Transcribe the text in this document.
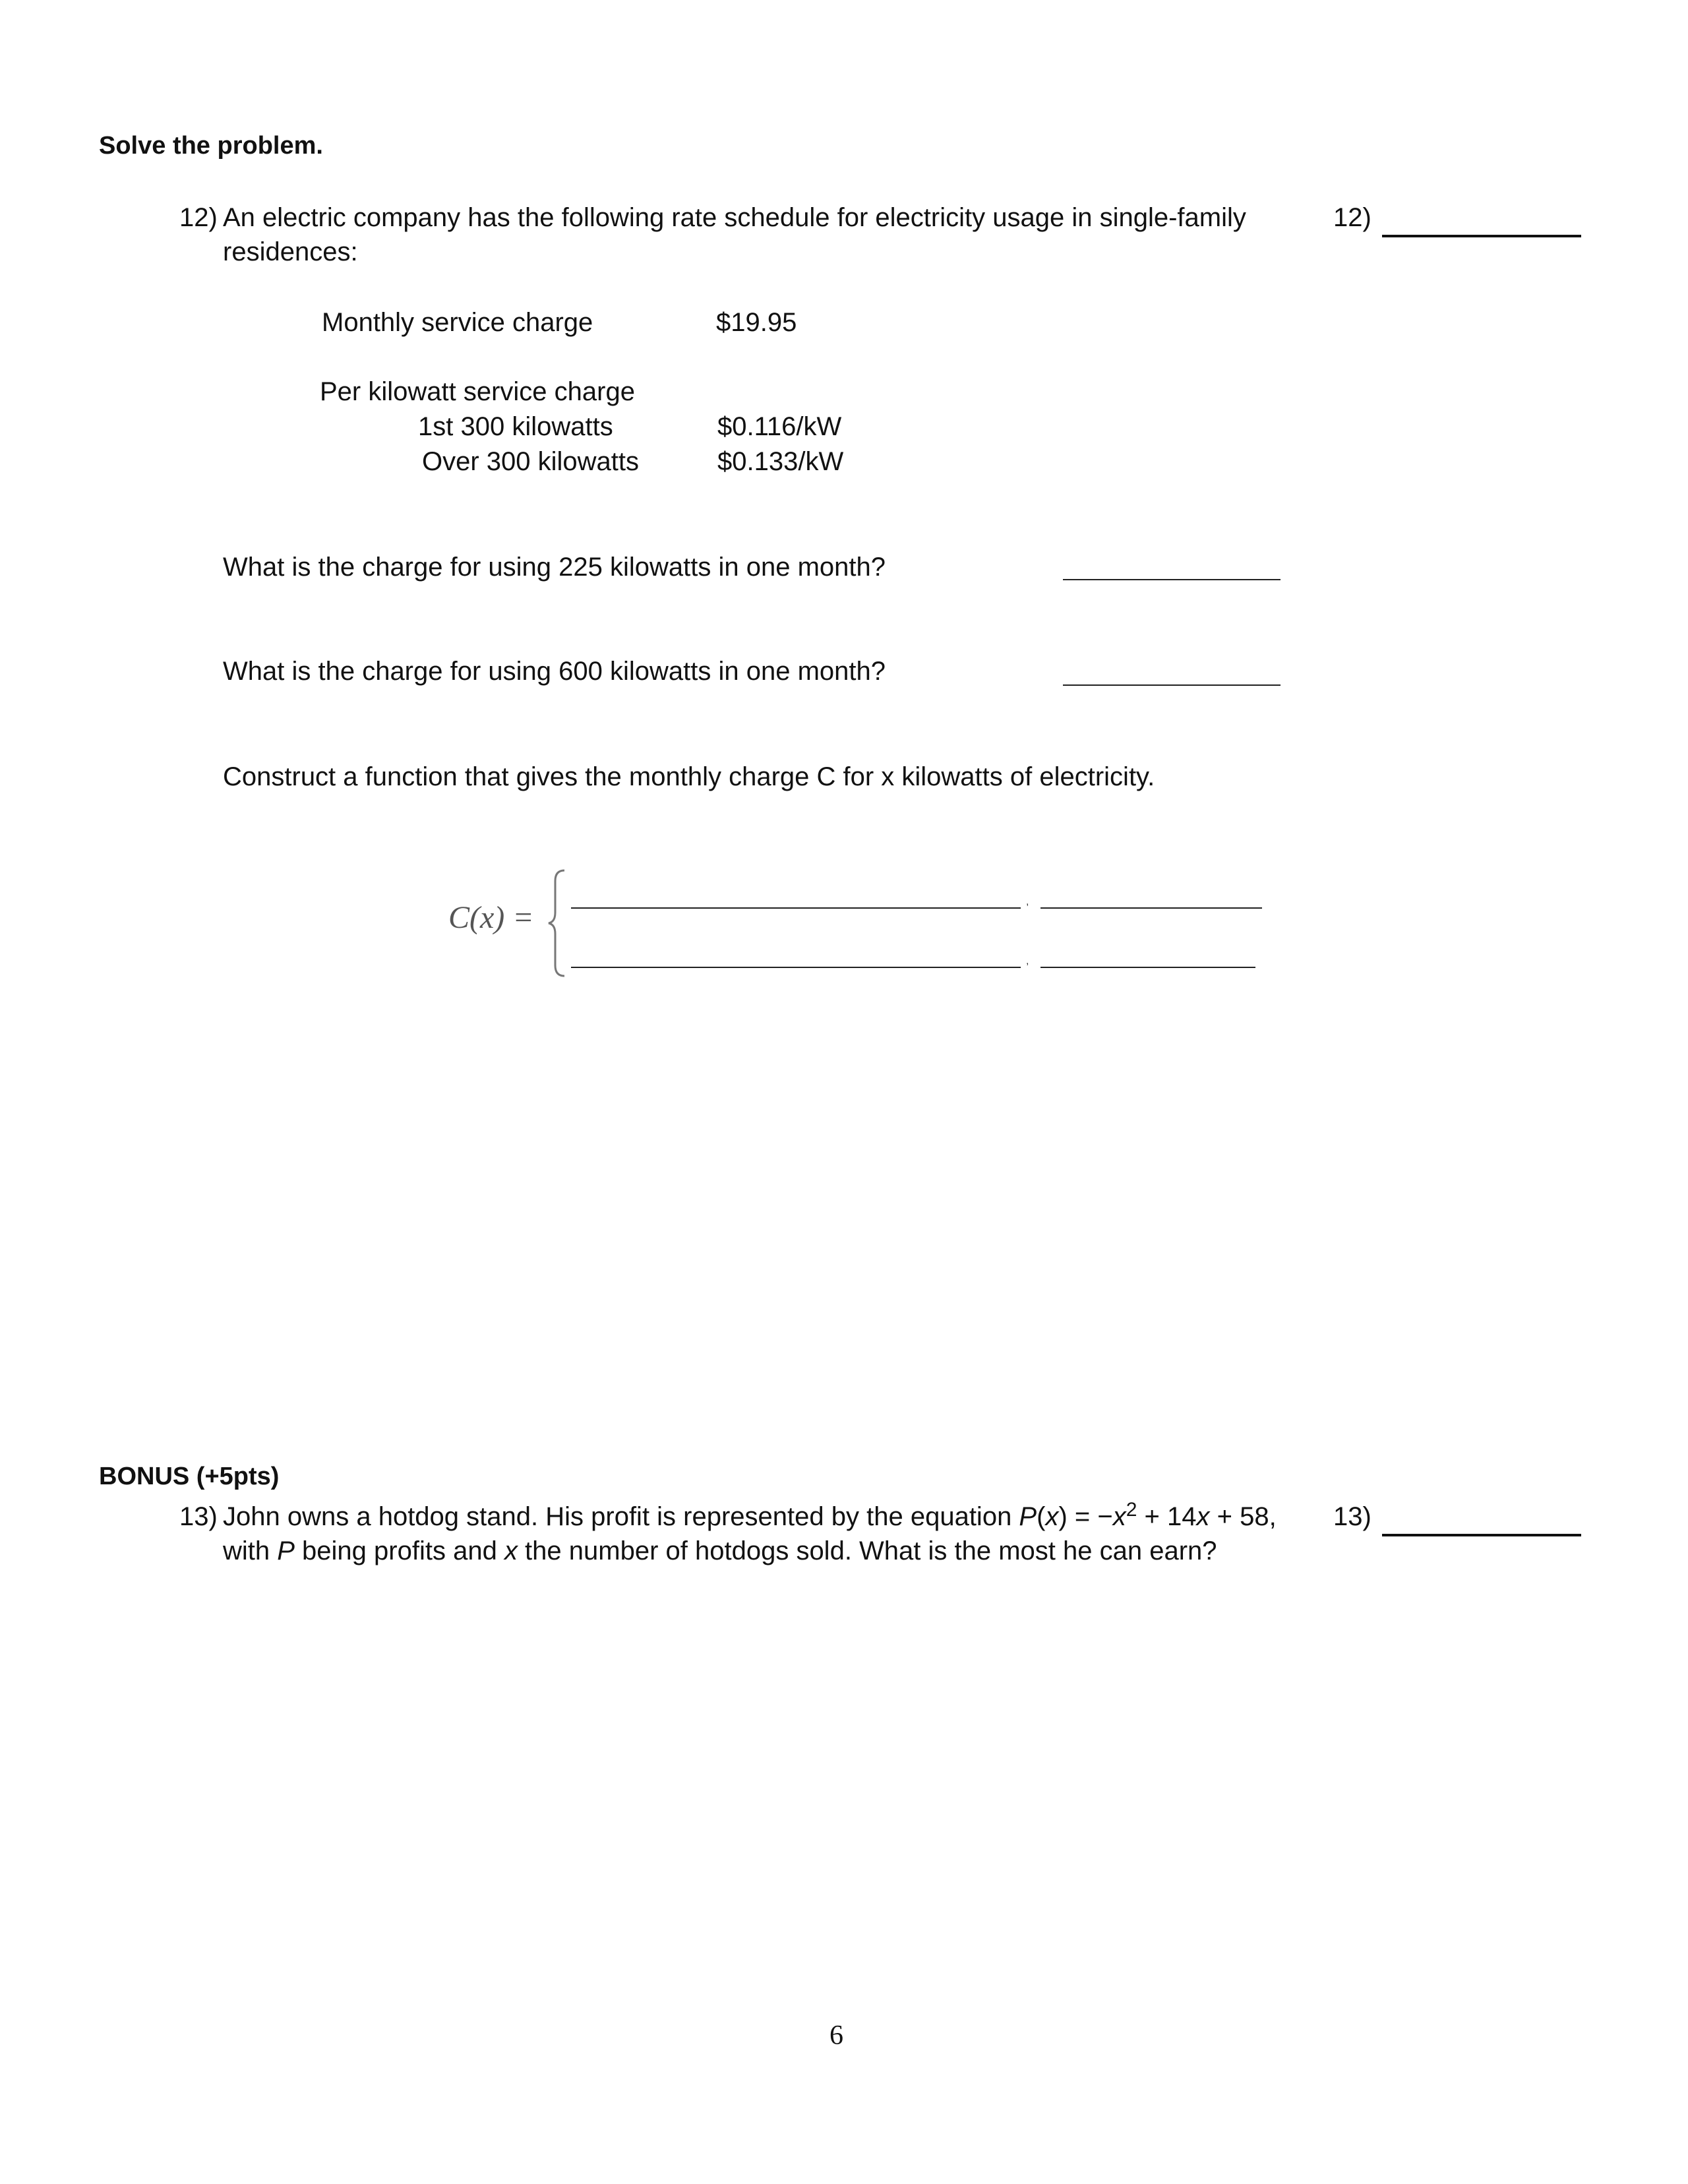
Solve the problem.
12) An electric company has the following rate schedule for electricity usage in single-family
residences:
12)
Monthly service charge	$19.95
Per kilowatt service charge
1st 300 kilowatts	$0.116/kW
Over 300 kilowatts	$0.133/kW
What is the charge for using 225 kilowatts in one month?
What is the charge for using 600 kilowatts in one month?
Construct a function that gives the monthly charge C for x kilowatts of electricity.
C(x) =	,
,
BONUS (+5pts)
13) John owns a hotdog stand. His profit is represented by the equation $P(x) = -x^2 + 14x + 58$,
with P being profits and x the number of hotdogs sold. What is the most he can earn?
13)
6
